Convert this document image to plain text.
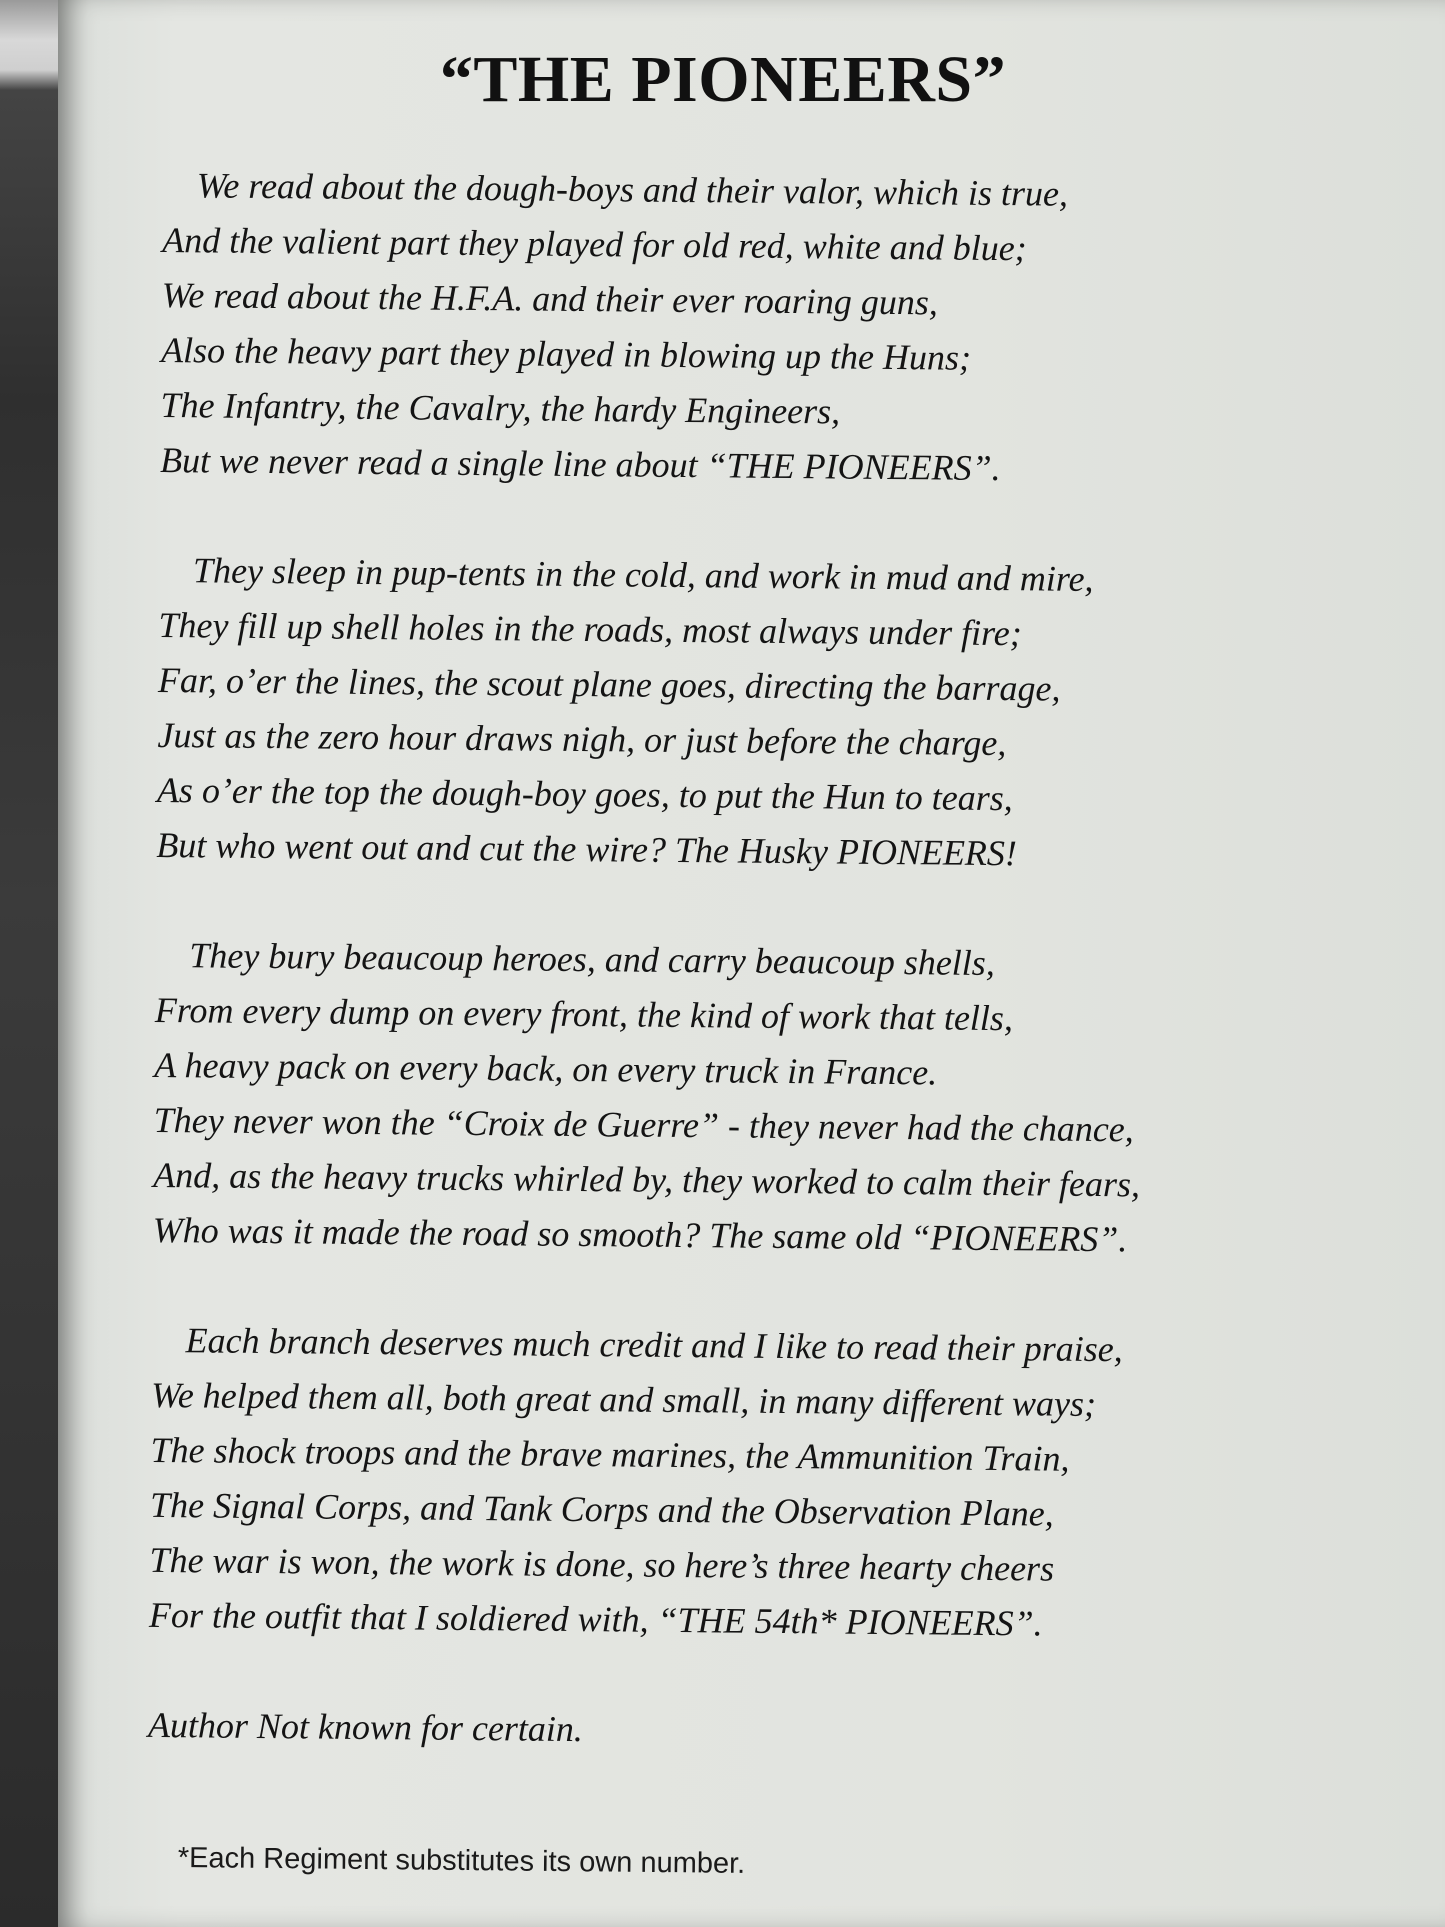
“THE PIONEERS”
We read about the dough-boys and their valor, which is true,
And the valient part they played for old red, white and blue;
We read about the H.F.A. and their ever roaring guns,
Also the heavy part they played in blowing up the Huns;
The Infantry, the Cavalry, the hardy Engineers,
But we never read a single line about “THE PIONEERS”.
They sleep in pup-tents in the cold, and work in mud and mire,
They fill up shell holes in the roads, most always under fire;
Far, o’er the lines, the scout plane goes, directing the barrage,
Just as the zero hour draws nigh, or just before the charge,
As o’er the top the dough-boy goes, to put the Hun to tears,
But who went out and cut the wire? The Husky PIONEERS!
They bury beaucoup heroes, and carry beaucoup shells,
From every dump on every front, the kind of work that tells,
A heavy pack on every back, on every truck in France.
They never won the “Croix de Guerre” - they never had the chance,
And, as the heavy trucks whirled by, they worked to calm their fears,
Who was it made the road so smooth? The same old “PIONEERS”.
Each branch deserves much credit and I like to read their praise,
We helped them all, both great and small, in many different ways;
The shock troops and the brave marines, the Ammunition Train,
The Signal Corps, and Tank Corps and the Observation Plane,
The war is won, the work is done, so here’s three hearty cheers
For the outfit that I soldiered with, “THE 54th* PIONEERS”.
Author Not known for certain.
*Each Regiment substitutes its own number.
